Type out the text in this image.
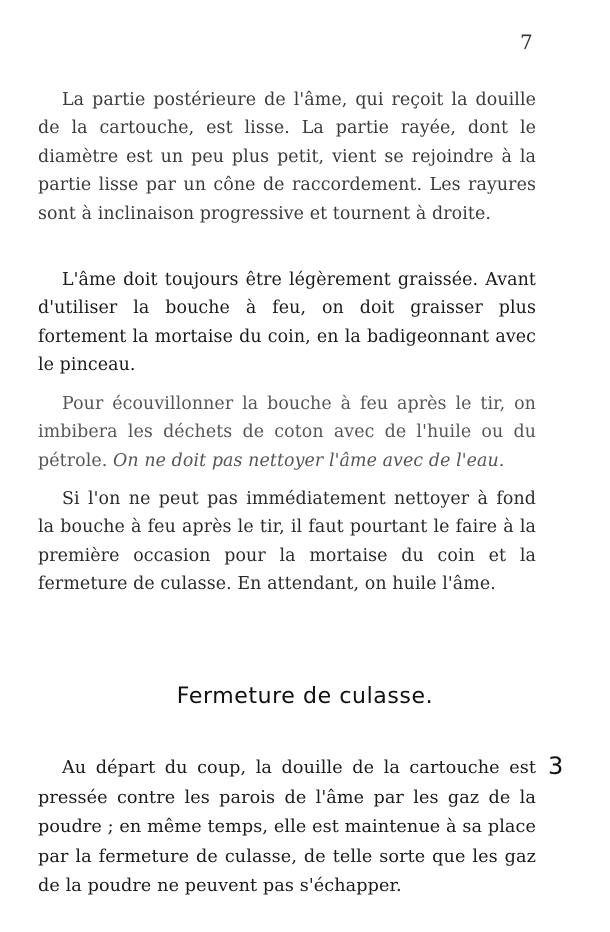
7

La partie postérieure de l'âme, qui reçoit la douille de la cartouche, est lisse. La partie rayée, dont le diamètre est un peu plus petit, vient se rejoindre à la partie lisse par un cône de raccordement. Les rayures sont à inclinaison progressive et tournent à droite.

L'âme doit toujours être légèrement graissée. Avant d'utiliser la bouche à feu, on doit graisser plus fortement la mortaise du coin, en la badigeonnant avec le pinceau.

Pour écouvillonner la bouche à feu après le tir, on imbibera les déchets de coton avec de l'huile ou du pétrole. On ne doit pas nettoyer l'âme avec de l'eau.

Si l'on ne peut pas immédiatement nettoyer à fond la bouche à feu après le tir, il faut pourtant le faire à la première occasion pour la mortaise du coin et la fermeture de culasse. En attendant, on huile l'âme.

Fermeture de culasse.
3

Au départ du coup, la douille de la cartouche est pressée contre les parois de l'âme par les gaz de la poudre ; en même temps, elle est maintenue à sa place par la fermeture de culasse, de telle sorte que les gaz de la poudre ne peuvent pas s'échapper.
